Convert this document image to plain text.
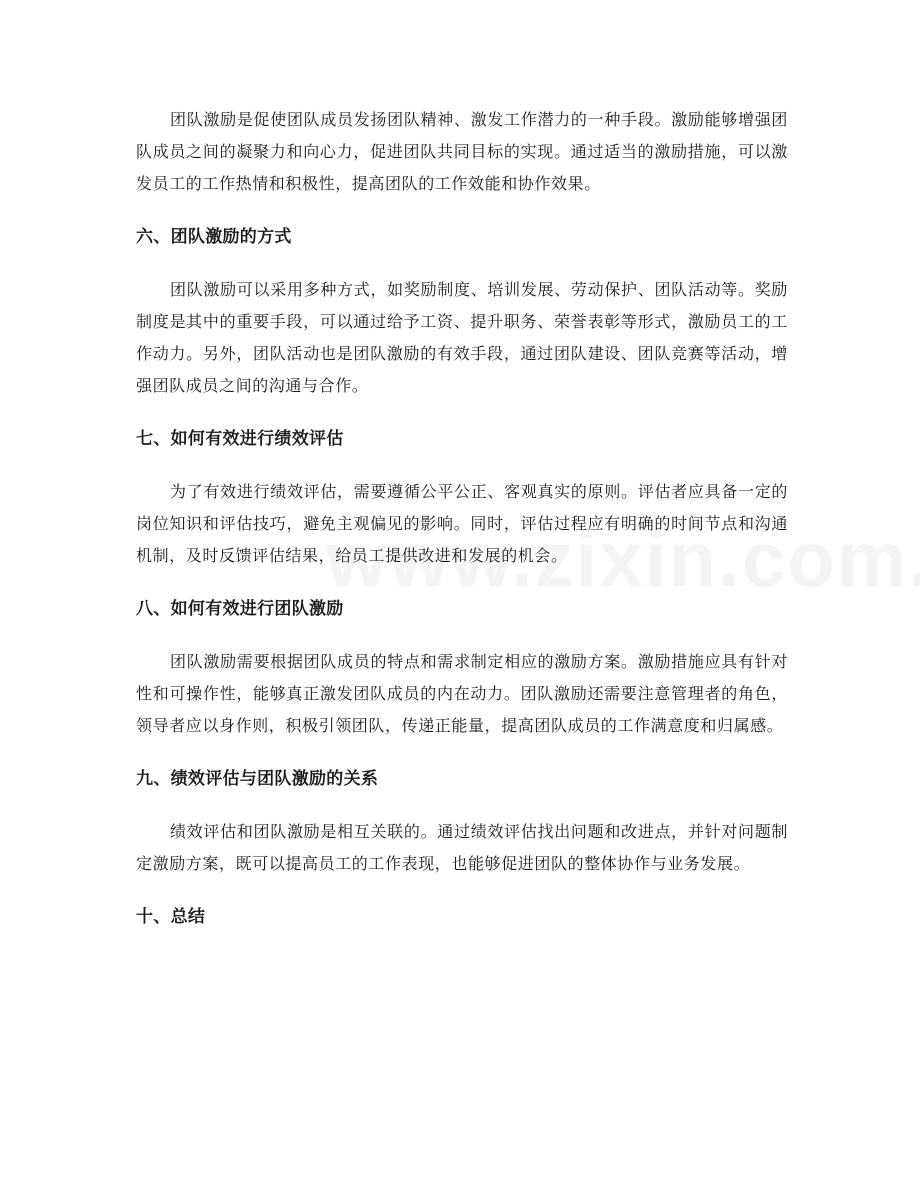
团队激励是促使团队成员发扬团队精神、激发工作潜力的一种手段。激励能够增强团队成员之间的凝聚力和向心力，促进团队共同目标的实现。通过适当的激励措施，可以激发员工的工作热情和积极性，提高团队的工作效能和协作效果。

六、团队激励的方式

团队激励可以采用多种方式，如奖励制度、培训发展、劳动保护、团队活动等。奖励制度是其中的重要手段，可以通过给予工资、提升职务、荣誉表彰等形式，激励员工的工作动力。另外，团队活动也是团队激励的有效手段，通过团队建设、团队竞赛等活动，增强团队成员之间的沟通与合作。

七、如何有效进行绩效评估

为了有效进行绩效评估，需要遵循公平公正、客观真实的原则。评估者应具备一定的岗位知识和评估技巧，避免主观偏见的影响。同时，评估过程应有明确的时间节点和沟通机制，及时反馈评估结果，给员工提供改进和发展的机会。

八、如何有效进行团队激励

团队激励需要根据团队成员的特点和需求制定相应的激励方案。激励措施应具有针对性和可操作性，能够真正激发团队成员的内在动力。团队激励还需要注意管理者的角色，领导者应以身作则，积极引领团队，传递正能量，提高团队成员的工作满意度和归属感。

九、绩效评估与团队激励的关系

绩效评估和团队激励是相互关联的。通过绩效评估找出问题和改进点，并针对问题制定激励方案，既可以提高员工的工作表现，也能够促进团队的整体协作与业务发展。

十、总结
